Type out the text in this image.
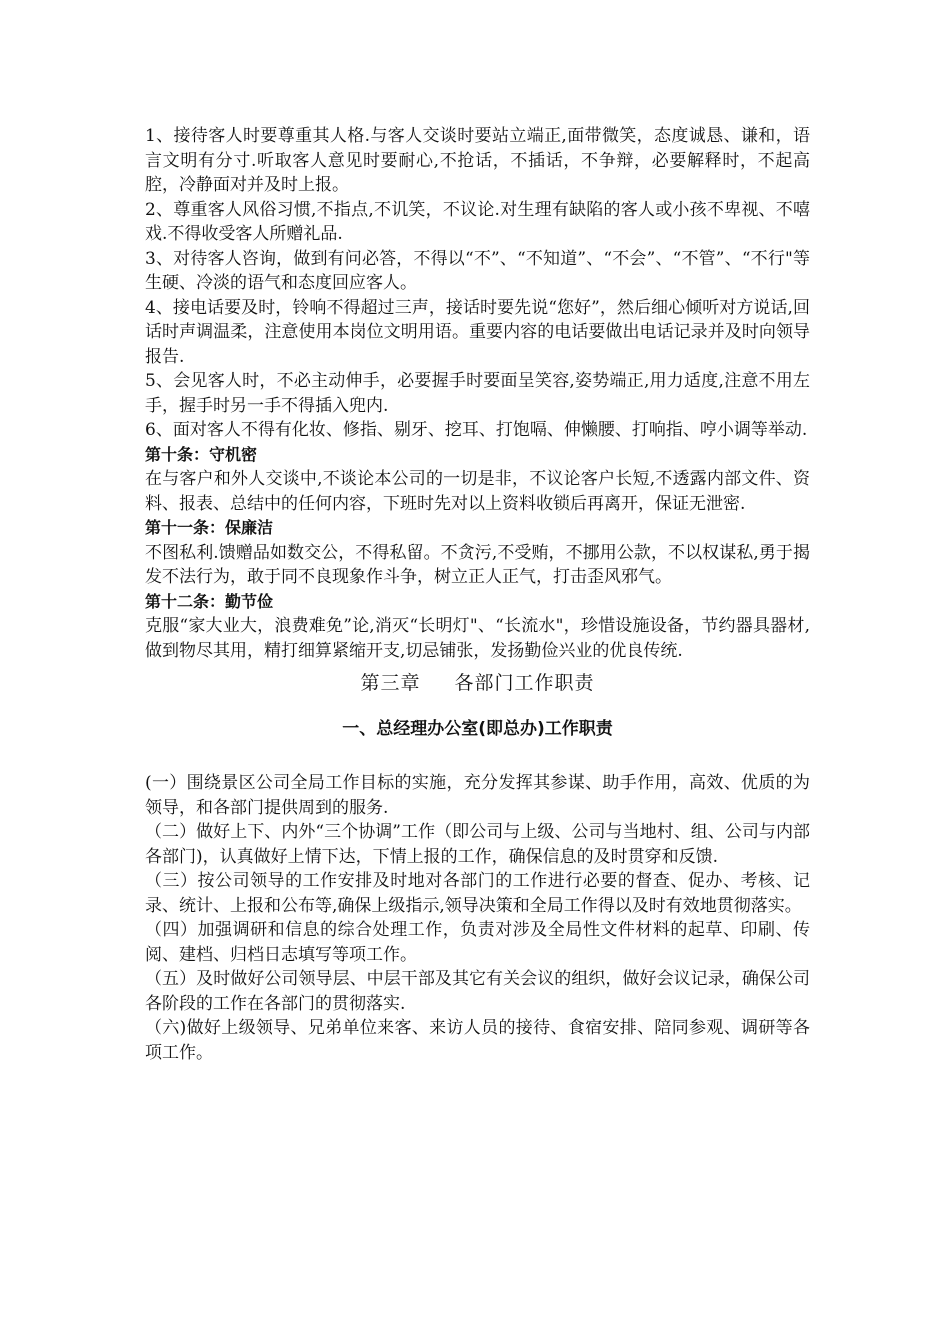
1、接待客人时要尊重其人格.与客人交谈时要站立端正,面带微笑，态度诚恳、谦和，语言文明有分寸.听取客人意见时要耐心,不抢话，不插话，不争辩，必要解释时，不起高腔，冷静面对并及时上报。

2、尊重客人风俗习惯,不指点,不讥笑，不议论.对生理有缺陷的客人或小孩不卑视、不嘻戏.不得收受客人所赠礼品.

3、对待客人咨询，做到有问必答，不得以“不”、“不知道”、“不会”、“不管”、“不行"等生硬、冷淡的语气和态度回应客人。

4、接电话要及时，铃响不得超过三声，接话时要先说“您好”，然后细心倾听对方说话,回话时声调温柔，注意使用本岗位文明用语。重要内容的电话要做出电话记录并及时向领导报告.

5、会见客人时，不必主动伸手，必要握手时要面呈笑容,姿势端正,用力适度,注意不用左手，握手时另一手不得插入兜内.

6、面对客人不得有化妆、修指、剔牙、挖耳、打饱嗝、伸懒腰、打响指、哼小调等举动.

第十条：守机密

在与客户和外人交谈中,不谈论本公司的一切是非，不议论客户长短,不透露内部文件、资料、报表、总结中的任何内容，下班时先对以上资料收锁后再离开，保证无泄密.

第十一条：保廉洁

不图私利.馈赠品如数交公，不得私留。不贪污,不受贿，不挪用公款，不以权谋私,勇于揭发不法行为，敢于同不良现象作斗争，树立正人正气，打击歪风邪气。

第十二条：勤节俭

克服“家大业大，浪费难免”论,消灭“长明灯"、“长流水"，珍惜设施设备，节约器具器材,做到物尽其用，精打细算紧缩开支,切忌铺张，发扬勤俭兴业的优良传统.

第三章 各部门工作职责

一、总经理办公室(即总办)工作职责

(一）围绕景区公司全局工作目标的实施，充分发挥其参谋、助手作用，高效、优质的为领导，和各部门提供周到的服务.

（二）做好上下、内外“三个协调”工作（即公司与上级、公司与当地村、组、公司与内部各部门)，认真做好上情下达，下情上报的工作，确保信息的及时贯穿和反馈.

（三）按公司领导的工作安排及时地对各部门的工作进行必要的督查、促办、考核、记录、统计、上报和公布等,确保上级指示,领导决策和全局工作得以及时有效地贯彻落实。

（四）加强调研和信息的综合处理工作，负责对涉及全局性文件材料的起草、印刷、传阅、建档、归档日志填写等项工作。

（五）及时做好公司领导层、中层干部及其它有关会议的组织，做好会议记录，确保公司各阶段的工作在各部门的贯彻落实.

（六)做好上级领导、兄弟单位来客、来访人员的接待、食宿安排、陪同参观、调研等各项工作。
